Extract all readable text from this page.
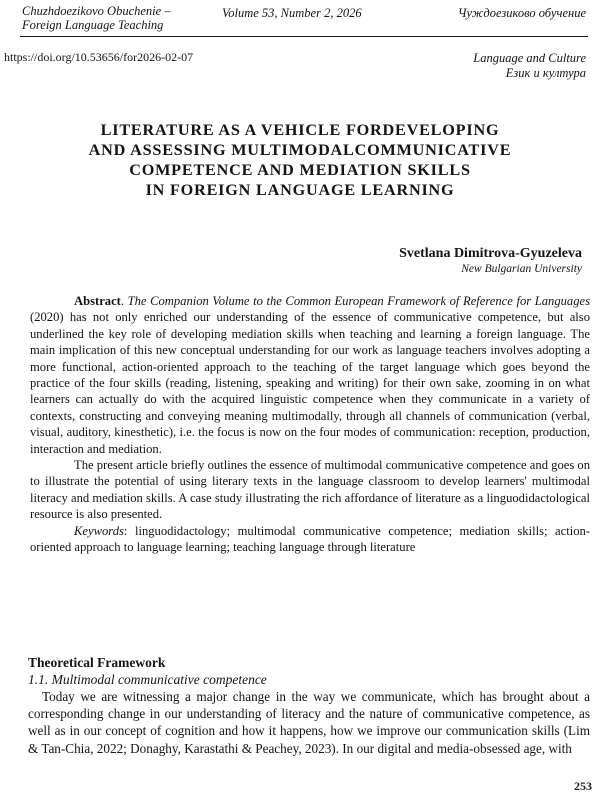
Chuzhdoezikovo Obuchenie –
Foreign Language Teaching
Volume 53, Number 2, 2026	Чуждоезиково обучение
https://doi.org/10.53656/for2026-02-07	Language and Culture
Език и култура
LITERATURE AS A VEHICLE FORDEVELOPING
AND ASSESSING MULTIMODALCOMMUNICATIVE
COMPETENCE AND MEDIATION SKILLS
IN FOREIGN LANGUAGE LEARNING
Svetlana Dimitrova-Gyuzeleva
New Bulgarian University

Abstract. The Companion Volume to the Common European Framework of Reference for Languages (2020) has not only enriched our understanding of the essence of communicative competence, but also underlined the key role of developing mediation skills when teaching and learning a foreign language. The main implication of this new conceptual understanding for our work as language teachers involves adopting a more functional, action-oriented approach to the teaching of the target language which goes beyond the practice of the four skills (reading, listening, speaking and writing) for their own sake, zooming in on what learners can actually do with the acquired linguistic competence when they communicate in a variety of contexts, constructing and conveying meaning multimodally, through all channels of communication (verbal, visual, auditory, kinesthetic), i.e. the focus is now on the four modes of communication: reception, production, interaction and mediation.

The present article briefly outlines the essence of multimodal communicative competence and goes on to illustrate the potential of using literary texts in the language classroom to develop learners' multimodal literacy and mediation skills. A case study illustrating the rich affordance of literature as a linguodidactological resource is also presented.

Keywords: linguodidactology; multimodal communicative competence; mediation skills; action-oriented approach to language learning; teaching language through literature

Theoretical Framework
1.1. Multimodal communicative competence

Today we are witnessing a major change in the way we communicate, which has brought about a corresponding change in our understanding of literacy and the nature of communicative competence, as well as in our concept of cognition and how it happens, how we improve our communication skills (Lim & Tan-Chia, 2022; Donaghy, Karastathi & Peachey, 2023). In our digital and media-obsessed age, with

253
